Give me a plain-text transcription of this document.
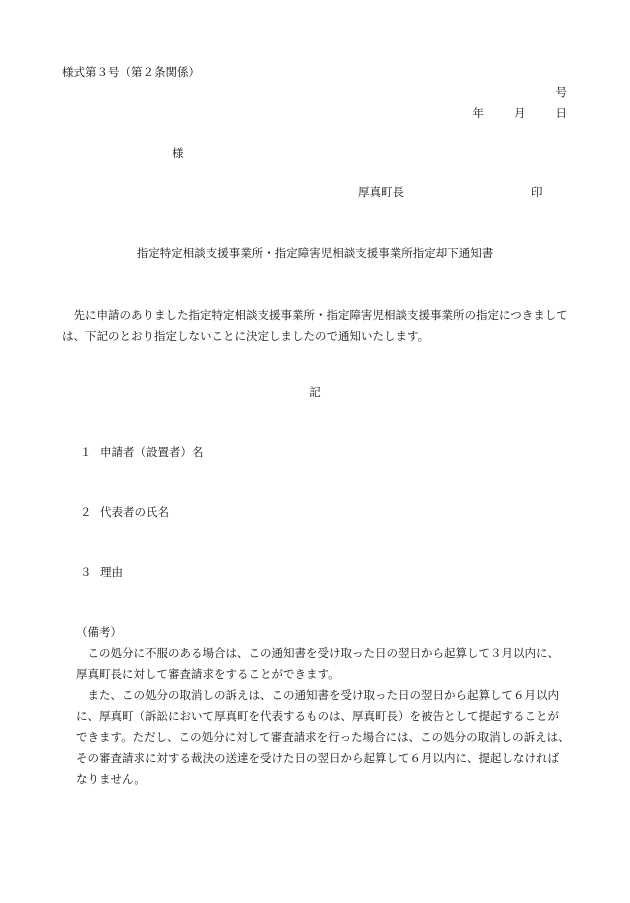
様式第３号（第２条関係）
号
年	月	日
様
厚真町長	印
指定特定相談支援事業所・指定障害児相談支援事業所指定却下通知書
先に申請のありました指定特定相談支援事業所・指定障害児相談支援事業所の指定につきましては、下記のとおり指定しないことに決定しましたので通知いたします。
記
１ 申請者（設置者）名
２ 代表者の氏名
３ 理由
（備考）

この処分に不服のある場合は、この通知書を受け取った日の翌日から起算して３月以内に、厚真町長に対して審査請求をすることができます。

また、この処分の取消しの訴えは、この通知書を受け取った日の翌日から起算して６月以内に、厚真町（訴訟において厚真町を代表するものは、厚真町長）を被告として提起することができます。ただし、この処分に対して審査請求を行った場合には、この処分の取消しの訴えは、その審査請求に対する裁決の送達を受けた日の翌日から起算して６月以内に、提起しなければなりません。
